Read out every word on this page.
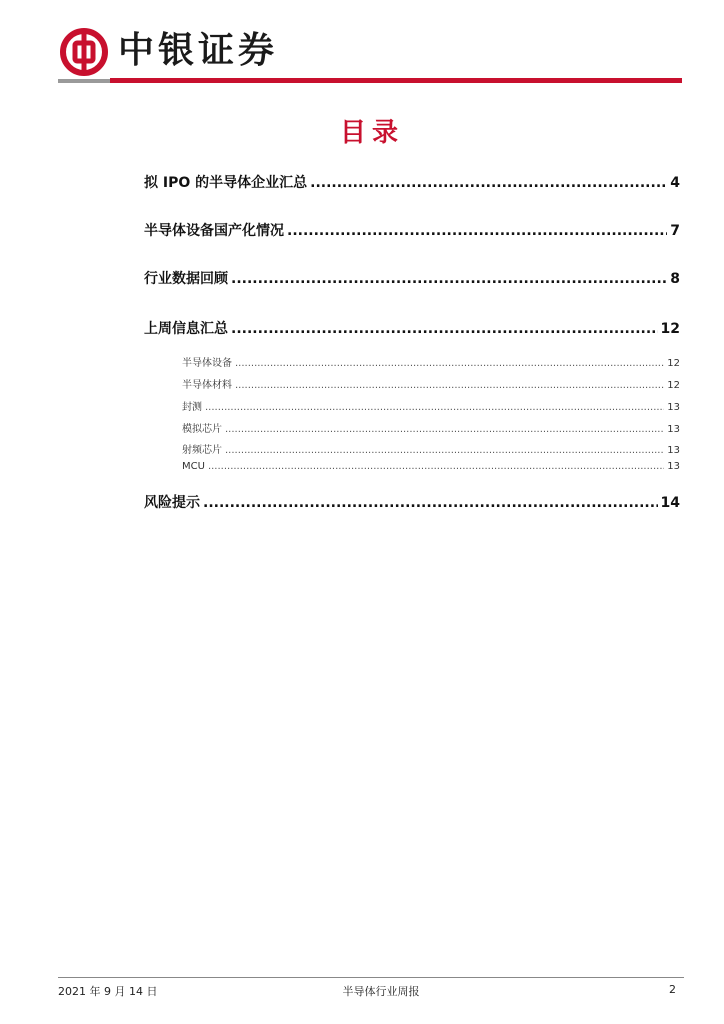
中银证券
目录
拟 IPO 的半导体企业汇总 .....	4
半导体设备国产化情况 .....	7
行业数据回顾 .....	8
上周信息汇总 .....	12
半导体设备 .....	12
半导体材料 .....	12
封测 .....	13
模拟芯片 .....	13
射频芯片 .....	13
MCU .....	13
风险提示 .....	14
2021 年 9 月 14 日	半导体行业周报	2
